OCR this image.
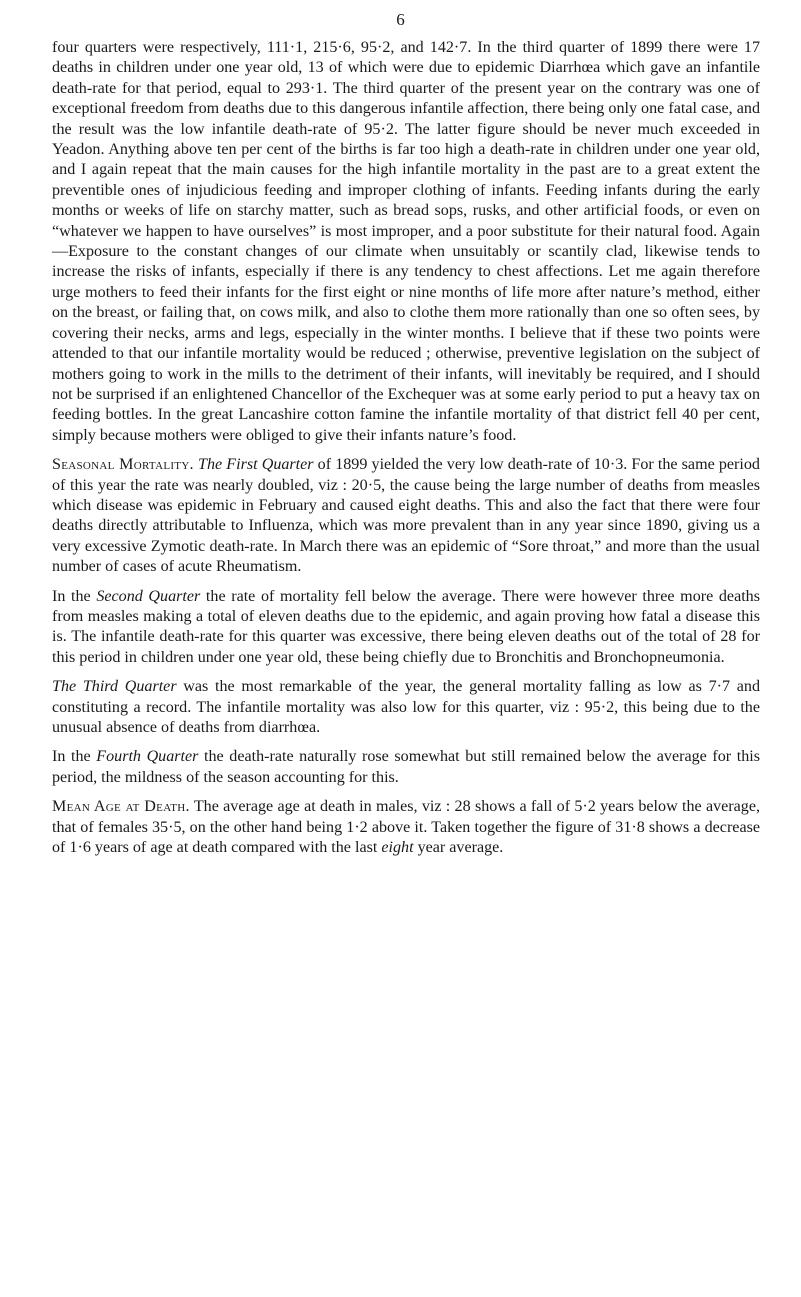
6

four quarters were respectively, 111·1, 215·6, 95·2, and 142·7. In the third quarter of 1899 there were 17 deaths in children under one year old, 13 of which were due to epidemic Diarrhœa which gave an infantile death-rate for that period, equal to 293·1. The third quarter of the present year on the contrary was one of exceptional freedom from deaths due to this dangerous infantile affection, there being only one fatal case, and the result was the low infantile death-rate of 95·2. The latter figure should be never much exceeded in Yeadon. Anything above ten per cent of the births is far too high a death-rate in children under one year old, and I again repeat that the main causes for the high infantile mortality in the past are to a great extent the preventible ones of injudicious feeding and improper clothing of infants. Feeding infants during the early months or weeks of life on starchy matter, such as bread sops, rusks, and other artificial foods, or even on “whatever we happen to have ourselves” is most improper, and a poor substitute for their natural food. Again—Exposure to the constant changes of our climate when unsuitably or scantily clad, likewise tends to increase the risks of infants, especially if there is any tendency to chest affections. Let me again therefore urge mothers to feed their infants for the first eight or nine months of life more after nature’s method, either on the breast, or failing that, on cows milk, and also to clothe them more rationally than one so often sees, by covering their necks, arms and legs, especially in the winter months. I believe that if these two points were attended to that our infantile mortality would be reduced ; otherwise, preventive legislation on the subject of mothers going to work in the mills to the detriment of their infants, will inevitably be required, and I should not be surprised if an enlightened Chancellor of the Exchequer was at some early period to put a heavy tax on feeding bottles. In the great Lancashire cotton famine the infantile mortality of that district fell 40 per cent, simply because mothers were obliged to give their infants nature’s food.

Seasonal Mortality. The First Quarter of 1899 yielded the very low death-rate of 10·3. For the same period of this year the rate was nearly doubled, viz : 20·5, the cause being the large number of deaths from measles which disease was epidemic in February and caused eight deaths. This and also the fact that there were four deaths directly attributable to Influenza, which was more prevalent than in any year since 1890, giving us a very excessive Zymotic death-rate. In March there was an epidemic of “Sore throat,” and more than the usual number of cases of acute Rheumatism.

In the Second Quarter the rate of mortality fell below the average. There were however three more deaths from measles making a total of eleven deaths due to the epidemic, and again proving how fatal a disease this is. The infantile death-rate for this quarter was excessive, there being eleven deaths out of the total of 28 for this period in children under one year old, these being chiefly due to Bronchitis and Bronchopneumonia.

The Third Quarter was the most remarkable of the year, the general mortality falling as low as 7·7 and constituting a record. The infantile mortality was also low for this quarter, viz : 95·2, this being due to the unusual absence of deaths from diarrhœa.

In the Fourth Quarter the death-rate naturally rose somewhat but still remained below the average for this period, the mildness of the season accounting for this.

Mean Age at Death. The average age at death in males, viz : 28 shows a fall of 5·2 years below the average, that of females 35·5, on the other hand being 1·2 above it. Taken together the figure of 31·8 shows a decrease of 1·6 years of age at death compared with the last eight year average.
